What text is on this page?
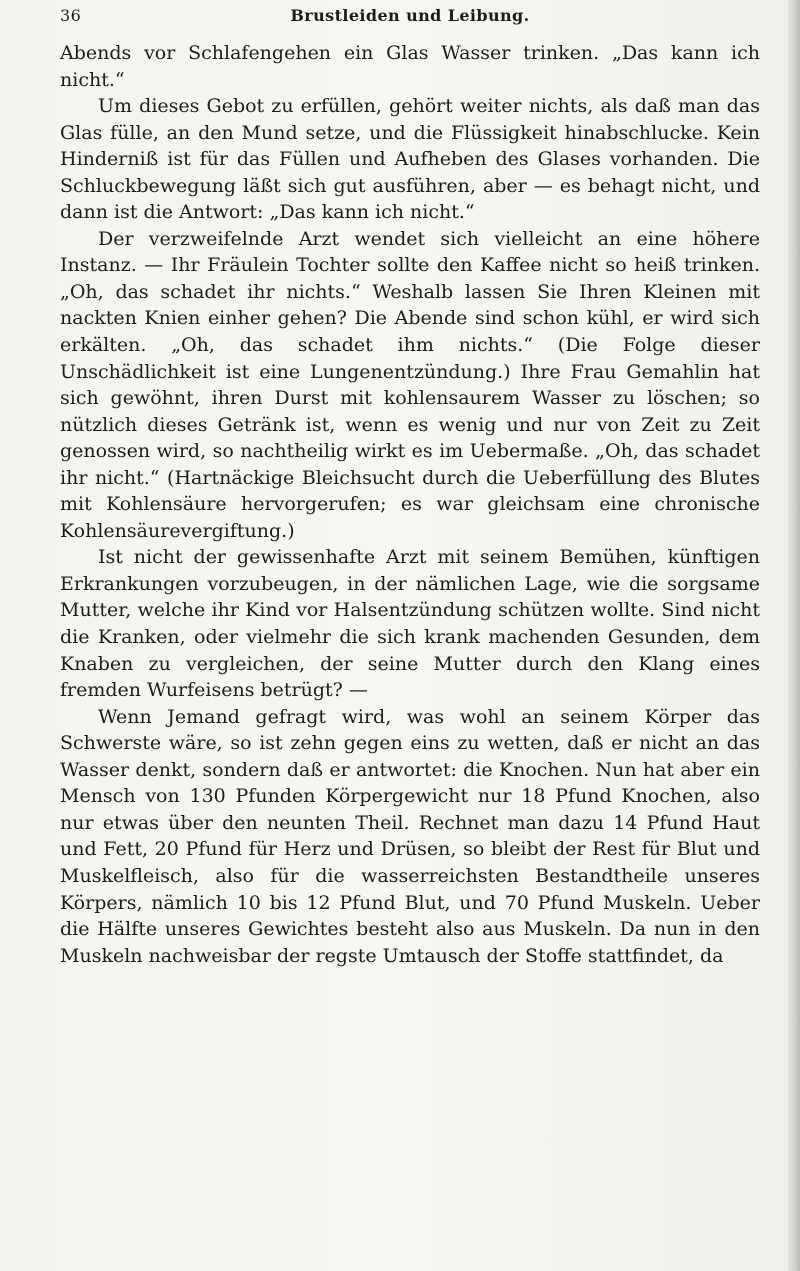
36	Brustleiden und Leibung.

Abends vor Schlafengehen ein Glas Wasser trinken. „Das kann ich nicht.“

Um dieses Gebot zu erfüllen, gehört weiter nichts, als daß man das Glas fülle, an den Mund setze, und die Flüssigkeit hinabschlucke. Kein Hinderniß ist für das Füllen und Aufheben des Glases vorhanden. Die Schluckbewegung läßt sich gut ausführen, aber — es behagt nicht, und dann ist die Antwort: „Das kann ich nicht.“

Der verzweifelnde Arzt wendet sich vielleicht an eine höhere Instanz. — Ihr Fräulein Tochter sollte den Kaffee nicht so heiß trinken. „Oh, das schadet ihr nichts.“ Weshalb lassen Sie Ihren Kleinen mit nackten Knien einher gehen? Die Abende sind schon kühl, er wird sich erkälten. „Oh, das schadet ihm nichts.“ (Die Folge dieser Unschädlichkeit ist eine Lungenentzündung.) Ihre Frau Gemahlin hat sich gewöhnt, ihren Durst mit kohlensaurem Wasser zu löschen; so nützlich dieses Getränk ist, wenn es wenig und nur von Zeit zu Zeit genossen wird, so nachtheilig wirkt es im Uebermaße. „Oh, das schadet ihr nicht.“ (Hartnäckige Bleichsucht durch die Ueberfüllung des Blutes mit Kohlensäure hervorgerufen; es war gleichsam eine chronische Kohlensäurevergiftung.)

Ist nicht der gewissenhafte Arzt mit seinem Bemühen, künftigen Erkrankungen vorzubeugen, in der nämlichen Lage, wie die sorgsame Mutter, welche ihr Kind vor Halsentzündung schützen wollte. Sind nicht die Kranken, oder vielmehr die sich krank machenden Gesunden, dem Knaben zu vergleichen, der seine Mutter durch den Klang eines fremden Wurfeisens betrügt? —

Wenn Jemand gefragt wird, was wohl an seinem Körper das Schwerste wäre, so ist zehn gegen eins zu wetten, daß er nicht an das Wasser denkt, sondern daß er antwortet: die Knochen. Nun hat aber ein Mensch von 130 Pfunden Körpergewicht nur 18 Pfund Knochen, also nur etwas über den neunten Theil. Rechnet man dazu 14 Pfund Haut und Fett, 20 Pfund für Herz und Drüsen, so bleibt der Rest für Blut und Muskelfleisch, also für die wasserreichsten Bestandtheile unseres Körpers, nämlich 10 bis 12 Pfund Blut, und 70 Pfund Muskeln. Ueber die Hälfte unseres Gewichtes besteht also aus Muskeln. Da nun in den Muskeln nachweisbar der regste Umtausch der Stoffe stattfindet, da
